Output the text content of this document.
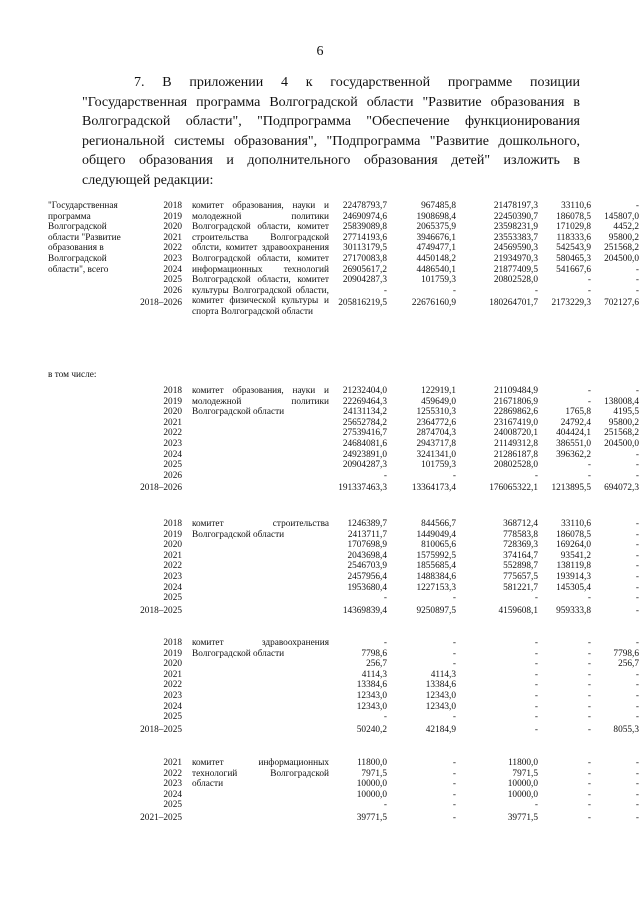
6

7. В приложении 4 к государственной программе позиции "Государственная программа Волгоградской области "Развитие образования в Волгоградской области", "Подпрограмма "Обеспечение функционирования региональной системы образования", "Подпрограмма "Развитие дошкольного, общего образования и дополнительного образования детей" изложить в следующей редакции:

"Государственная программа Волгоградской области "Развитие образования в Волгоградской области", всего
2018
2019
2020
2021
2022
2023
2024
2025
2026
2018–2026
комитет образования, науки и молодежной политики Волгоградской области, комитет строительства Волгоградской облсти, комитет здравоохранения Волгоградской области, комитет информационных технологий Волгоградской области, комитет культуры Волгоградской области, комитет физической культуры и спорта Волгоградской области
22478793,7
24690974,6
25839089,8
27714193,6
30113179,5
27170083,8
26905617,2
20904287,3
-
205816219,5
967485,8
1908698,4
2065375,9
3946676,1
4749477,1
4450148,2
4486540,1
101759,3
-
22676160,9
21478197,3
22450390,7
23598231,9
23553383,7
24569590,3
21934970,3
21877409,5
20802528,0
-
180264701,7
33110,6
186078,5
171029,8
118333,6
542543,9
580465,3
541667,6
-
-
2173229,3
-
145807,0
4452,2
95800,2
251568,2
204500,0
-
-
-
702127,6
в том числе:
2018
2019
2020
2021
2022
2023
2024
2025
2026
2018–2026
комитет образования, науки и молодежной политики Волгоградской области
21232404,0
22269464,3
24131134,2
25652784,2
27539416,7
24684081,6
24923891,0
20904287,3
-
191337463,3
122919,1
459649,0
1255310,3
2364772,6
2874704,3
2943717,8
3241341,0
101759,3
-
13364173,4
21109484,9
21671806,9
22869862,6
23167419,0
24008720,1
21149312,8
21286187,8
20802528,0
-
176065322,1
-
-
1765,8
24792,4
404424,1
386551,0
396362,2
-
-
1213895,5
-
138008,4
4195,5
95800,2
251568,2
204500,0
-
-
-
694072,3
2018
2019
2020
2021
2022
2023
2024
2025
2018–2025
комитет строительства Волгоградской области
1246389,7
2413711,7
1707698,9
2043698,4
2546703,9
2457956,4
1953680,4
-
14369839,4
844566,7
1449049,4
810065,6
1575992,5
1855685,4
1488384,6
1227153,3
-
9250897,5
368712,4
778583,8
728369,3
374164,7
552898,7
775657,5
581221,7
-
4159608,1
33110,6
186078,5
169264,0
93541,2
138119,8
193914,3
145305,4
-
959333,8
-
-
-
-
-
-
-
-
-
2018
2019
2020
2021
2022
2023
2024
2025
2018–2025
комитет здравоохранения Волгоградской области
-
7798,6
256,7
4114,3
13384,6
12343,0
12343,0
-
50240,2
-
-
-
4114,3
13384,6
12343,0
12343,0
-
42184,9
-
-
-
-
-
-
-
-
-
-
-
-
-
-
-
-
-
-
-
7798,6
256,7
-
-
-
-
-
8055,3
2021
2022
2023
2024
2025
2021–2025
комитет информационных технологий Волгоградской области
11800,0
7971,5
10000,0
10000,0
-
39771,5
-
-
-
-
-
-
11800,0
7971,5
10000,0
10000,0
-
39771,5
-
-
-
-
-
-
-
-
-
-
-
-
